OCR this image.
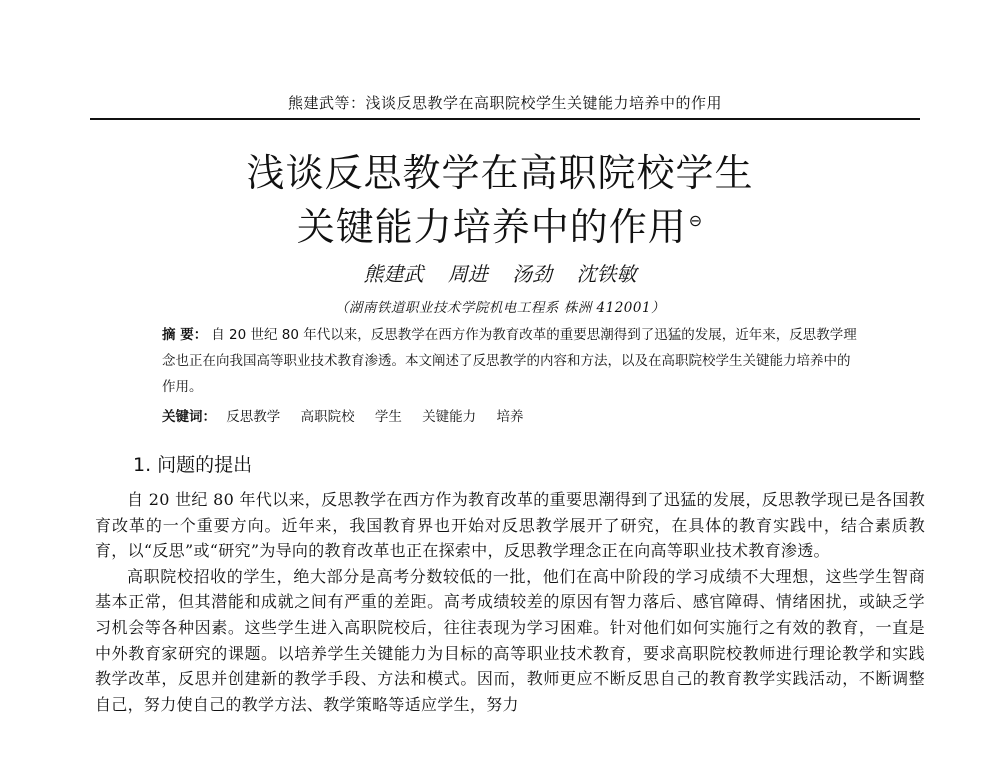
熊建武等：浅谈反思教学在高职院校学生关键能力培养中的作用
浅谈反思教学在高职院校学生
关键能力培养中的作用 ⊖
熊建武 周进 汤劲 沈铁敏
（湖南铁道职业技术学院机电工程系 株洲 412001）
摘 要： 自 20 世纪 80 年代以来，反思教学在西方作为教育改革的重要思潮得到了迅猛的发展，近年来，反思教学理念也正在向我国高等职业技术教育渗透。本文阐述了反思教学的内容和方法，以及在高职院校学生关键能力培养中的作用。
关键词： 反思教学 高职院校 学生 关键能力 培养
1. 问题的提出

自 20 世纪 80 年代以来，反思教学在西方作为教育改革的重要思潮得到了迅猛的发展，反思教学现已是各国教育改革的一个重要方向。近年来，我国教育界也开始对反思教学展开了研究，在具体的教育实践中，结合素质教育，以“反思”或“研究”为导向的教育改革也正在探索中，反思教学理念正在向高等职业技术教育渗透。

高职院校招收的学生，绝大部分是高考分数较低的一批，他们在高中阶段的学习成绩不大理想，这些学生智商基本正常，但其潜能和成就之间有严重的差距。高考成绩较差的原因有智力落后、感官障碍、情绪困扰，或缺乏学习机会等各种因素。这些学生进入高职院校后，往往表现为学习困难。针对他们如何实施行之有效的教育，一直是中外教育家研究的课题。以培养学生关键能力为目标的高等职业技术教育，要求高职院校教师进行理论教学和实践教学改革，反思并创建新的教学手段、方法和模式。因而，教师更应不断反思自己的教育教学实践活动，不断调整自己，努力使自己的教学方法、教学策略等适应学生，努力
